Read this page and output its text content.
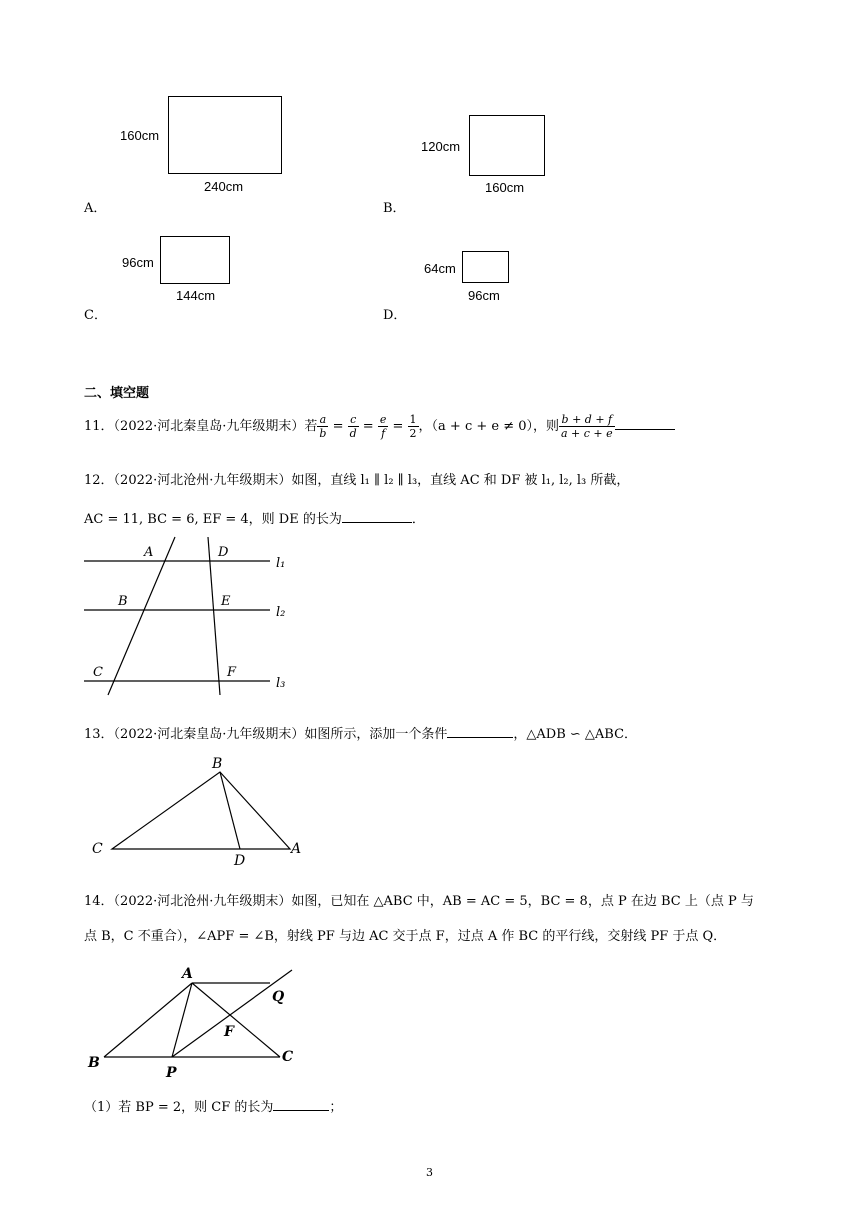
160cm
240cm
A．
120cm
160cm
B．
96cm
144cm
C．
64cm
96cm
D．
二、填空题
11．（2022·河北秦皇岛·九年级期末）若 $\frac{a}{b} = \frac{c}{d} = \frac{e}{f} = \frac{1}{2}$ ，（a + c + e ≠ 0），则 $\frac{b + d + f}{a + c + e}$
12．（2022·河北沧州·九年级期末）如图，直线 l₁ ∥ l₂ ∥ l₃，直线 AC 和 DF 被 l₁, l₂, l₃ 所截，
AC = 11, BC = 6, EF = 4，则 DE 的长为	．
A	D
B	E
C	F
l₁
l₂
l₃
13．（2022·河北秦皇岛·九年级期末）如图所示，添加一个条件	，△ADB ∽ △ABC．
B
C
D
A
14．（2022·河北沧州·九年级期末）如图，已知在 △ABC 中，AB = AC = 5，BC = 8，点 P 在边 BC 上（点 P 与
点 B，C 不重合），∠APF = ∠B，射线 PF 与边 AC 交于点 F，过点 A 作 BC 的平行线，交射线 PF 于点 Q．
A
Q
F
B
P
C
（1）若 BP = 2，则 CF 的长为	；
3
